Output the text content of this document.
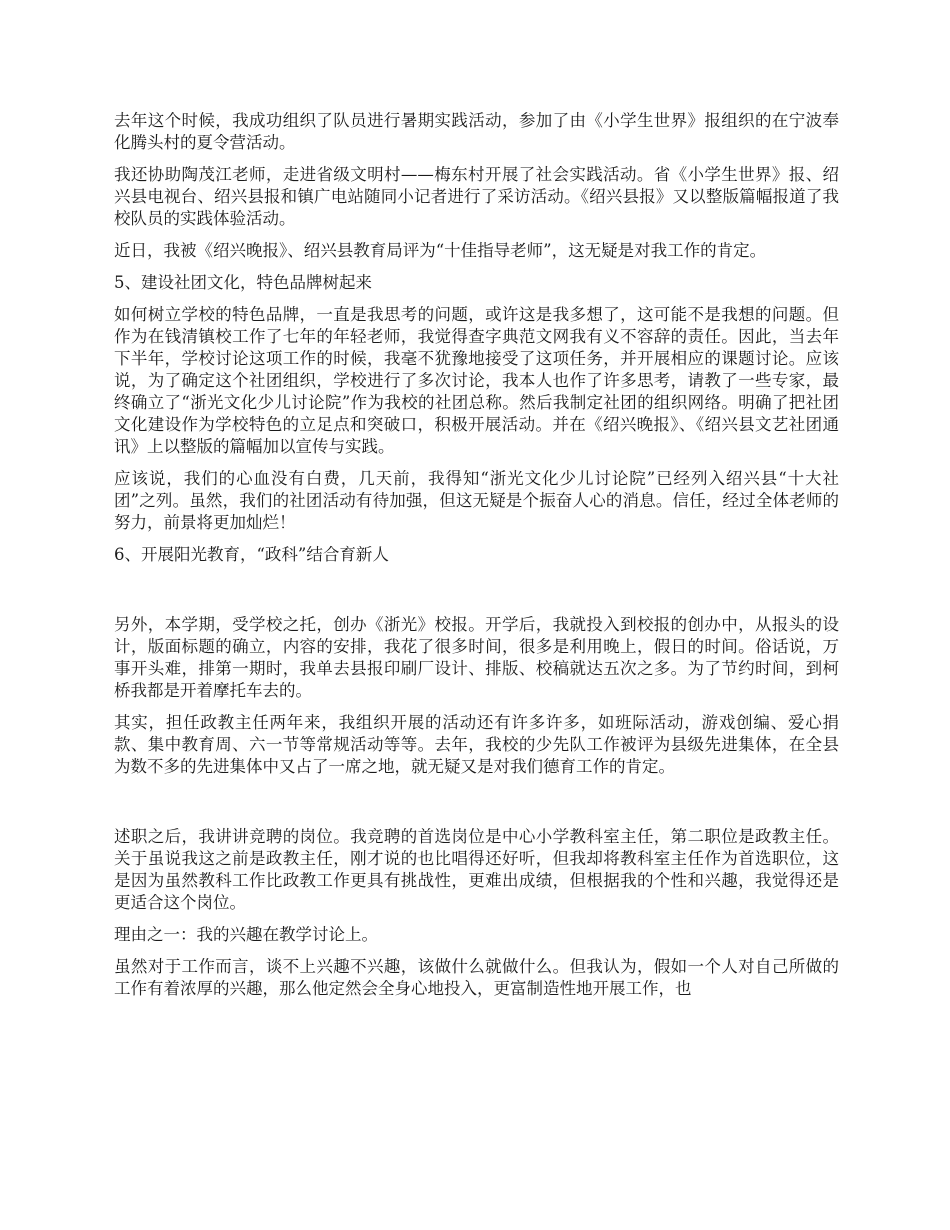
去年这个时候，我成功组织了队员进行暑期实践活动，参加了由《小学生世界》报组织的在宁波奉化腾头村的夏令营活动。

我还协助陶茂江老师，走进省级文明村——梅东村开展了社会实践活动。省《小学生世界》报、绍兴县电视台、绍兴县报和镇广电站随同小记者进行了采访活动。《绍兴县报》又以整版篇幅报道了我校队员的实践体验活动。

近日，我被《绍兴晚报》、绍兴县教育局评为“十佳指导老师”，这无疑是对我工作的肯定。

5、建设社团文化，特色品牌树起来

如何树立学校的特色品牌，一直是我思考的问题，或许这是我多想了，这可能不是我想的问题。但作为在钱清镇校工作了七年的年轻老师，我觉得查字典范文网我有义不容辞的责任。因此，当去年下半年，学校讨论这项工作的时候，我毫不犹豫地接受了这项任务，并开展相应的课题讨论。应该说，为了确定这个社团组织，学校进行了多次讨论，我本人也作了许多思考，请教了一些专家，最终确立了“浙光文化少儿讨论院”作为我校的社团总称。然后我制定社团的组织网络。明确了把社团文化建设作为学校特色的立足点和突破口，积极开展活动。并在《绍兴晚报》、《绍兴县文艺社团通讯》上以整版的篇幅加以宣传与实践。

应该说，我们的心血没有白费，几天前，我得知“浙光文化少儿讨论院”已经列入绍兴县“十大社团”之列。虽然，我们的社团活动有待加强，但这无疑是个振奋人心的消息。信任，经过全体老师的努力，前景将更加灿烂！

6、开展阳光教育，“政科”结合育新人

另外，本学期，受学校之托，创办《浙光》校报。开学后，我就投入到校报的创办中，从报头的设计，版面标题的确立，内容的安排，我花了很多时间，很多是利用晚上，假日的时间。俗话说，万事开头难，排第一期时，我单去县报印刷厂设计、排版、校稿就达五次之多。为了节约时间，到柯桥我都是开着摩托车去的。

其实，担任政教主任两年来，我组织开展的活动还有许多许多，如班际活动，游戏创编、爱心捐款、集中教育周、六一节等常规活动等等。去年，我校的少先队工作被评为县级先进集体，在全县为数不多的先进集体中又占了一席之地，就无疑又是对我们德育工作的肯定。

述职之后，我讲讲竞聘的岗位。我竞聘的首选岗位是中心小学教科室主任，第二职位是政教主任。关于虽说我这之前是政教主任，刚才说的也比唱得还好听，但我却将教科室主任作为首选职位，这是因为虽然教科工作比政教工作更具有挑战性，更难出成绩，但根据我的个性和兴趣，我觉得还是更适合这个岗位。

理由之一：我的兴趣在教学讨论上。

虽然对于工作而言，谈不上兴趣不兴趣，该做什么就做什么。但我认为，假如一个人对自己所做的工作有着浓厚的兴趣，那么他定然会全身心地投入，更富制造性地开展工作，也
